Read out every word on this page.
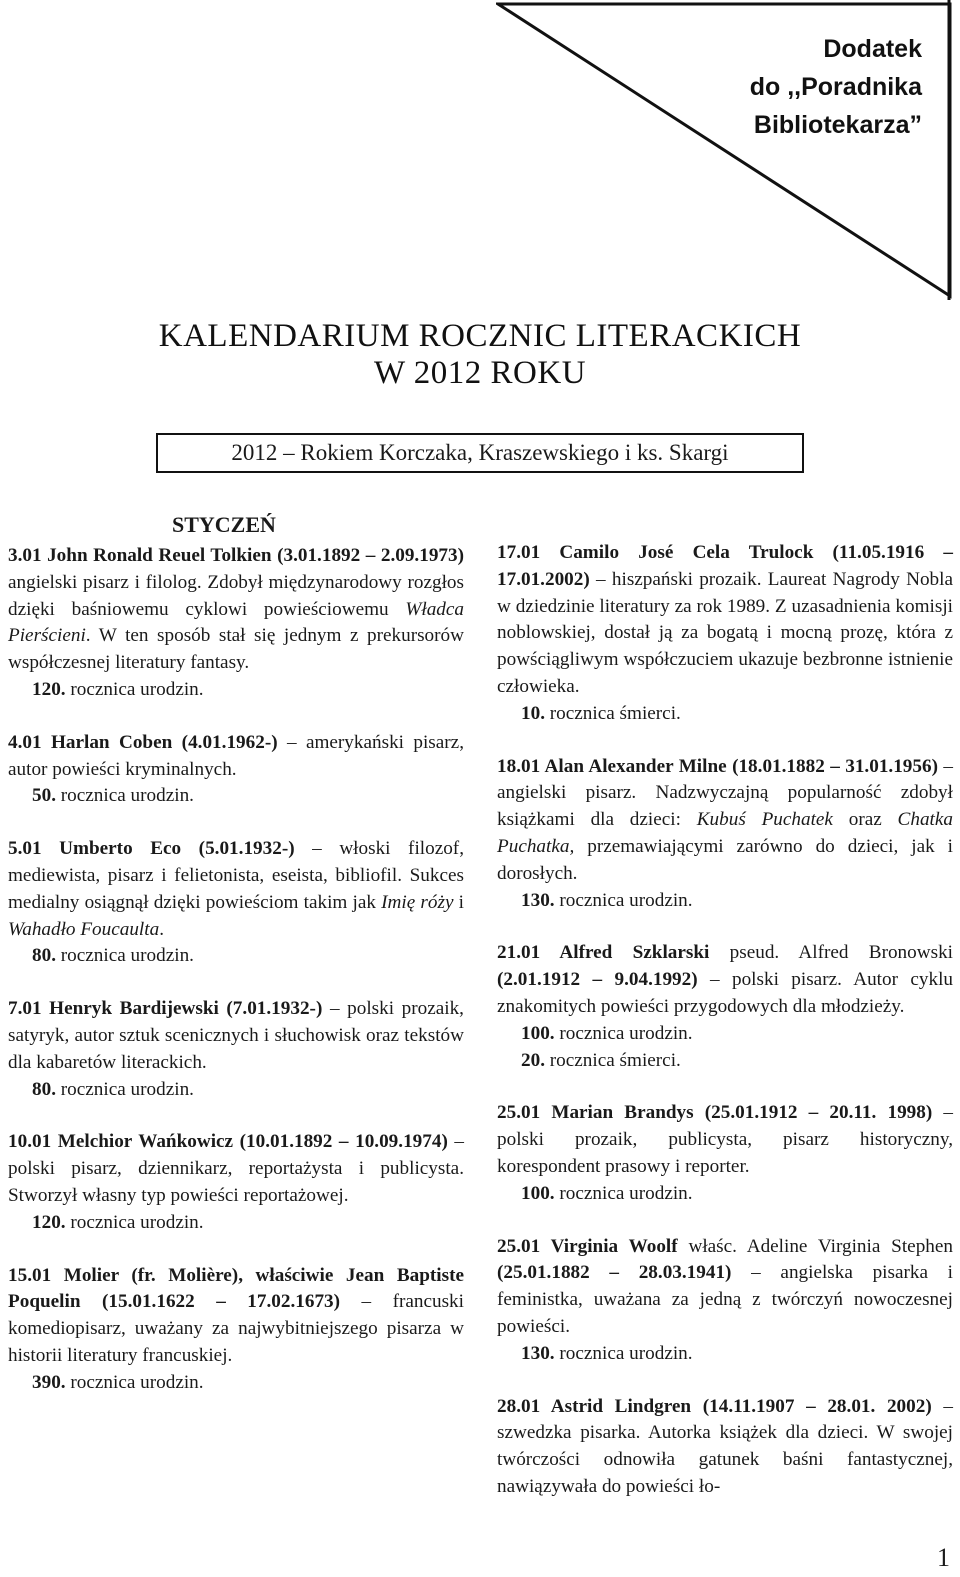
Dodatek
do ,,Poradnika
Bibliotekarza”
KALENDARIUM ROCZNIC LITERACKICH
W 2012 ROKU
2012 – Rokiem Korczaka, Kraszewskiego i ks. Skargi
STYCZEŃ

3.01 John Ronald Reuel Tolkien (3.01.1892 – 2.09.1973) angielski pisarz i filolog. Zdobył międzynarodowy rozgłos dzięki baśniowemu cyklowi powieściowemu Władca Pierścieni. W ten sposób stał się jednym z prekursorów współczesnej literatury fantasy.

120. rocznica urodzin.

4.01 Harlan Coben (4.01.1962-) – amerykański pisarz, autor powieści kryminalnych.

50. rocznica urodzin.

5.01 Umberto Eco (5.01.1932-) – włoski filozof, mediewista, pisarz i felietonista, eseista, bibliofil. Sukces medialny osiągnął dzięki powieściom takim jak Imię róży i Wahadło Foucaulta.

80. rocznica urodzin.

7.01 Henryk Bardijewski (7.01.1932-) – polski prozaik, satyryk, autor sztuk scenicznych i słuchowisk oraz tekstów dla kabaretów literackich.

80. rocznica urodzin.

10.01 Melchior Wańkowicz (10.01.1892 – 10.09.1974) – polski pisarz, dziennikarz, reportażysta i publicysta. Stworzył własny typ powieści reportażowej.

120. rocznica urodzin.

15.01 Molier (fr. Molière), właściwie Jean Baptiste Poquelin (15.01.1622 – 17.02.1673) – francuski komediopisarz, uważany za najwybitniejszego pisarza w historii literatury francuskiej.

390. rocznica urodzin.

17.01 Camilo José Cela Trulock (11.05.1916 – 17.01.2002) – hiszpański prozaik. Laureat Nagrody Nobla w dziedzinie literatury za rok 1989. Z uzasadnienia komisji noblowskiej, dostał ją za bogatą i mocną prozę, która z powściągliwym współczuciem ukazuje bezbronne istnienie człowieka.

10. rocznica śmierci.

18.01 Alan Alexander Milne (18.01.1882 – 31.01.1956) – angielski pisarz. Nadzwyczajną popularność zdobył książkami dla dzieci: Kubuś Puchatek oraz Chatka Puchatka, przemawiającymi zarówno do dzieci, jak i dorosłych.

130. rocznica urodzin.

21.01 Alfred Szklarski pseud. Alfred Bronowski (2.01.1912 – 9.04.1992) – polski pisarz. Autor cyklu znakomitych powieści przygodowych dla młodzieży.

100. rocznica urodzin.

20. rocznica śmierci.

25.01 Marian Brandys (25.01.1912 – 20.11. 1998) – polski prozaik, publicysta, pisarz historyczny, korespondent prasowy i reporter.

100. rocznica urodzin.

25.01 Virginia Woolf właśc. Adeline Virginia Stephen (25.01.1882 – 28.03.1941) – angielska pisarka i feministka, uważana za jedną z twórczyń nowoczesnej powieści.

130. rocznica urodzin.

28.01 Astrid Lindgren (14.11.1907 – 28.01. 2002) – szwedzka pisarka. Autorka książek dla dzieci. W swojej twórczości odnowiła gatunek baśni fantastycznej, nawiązywała do powieści ło-

1
